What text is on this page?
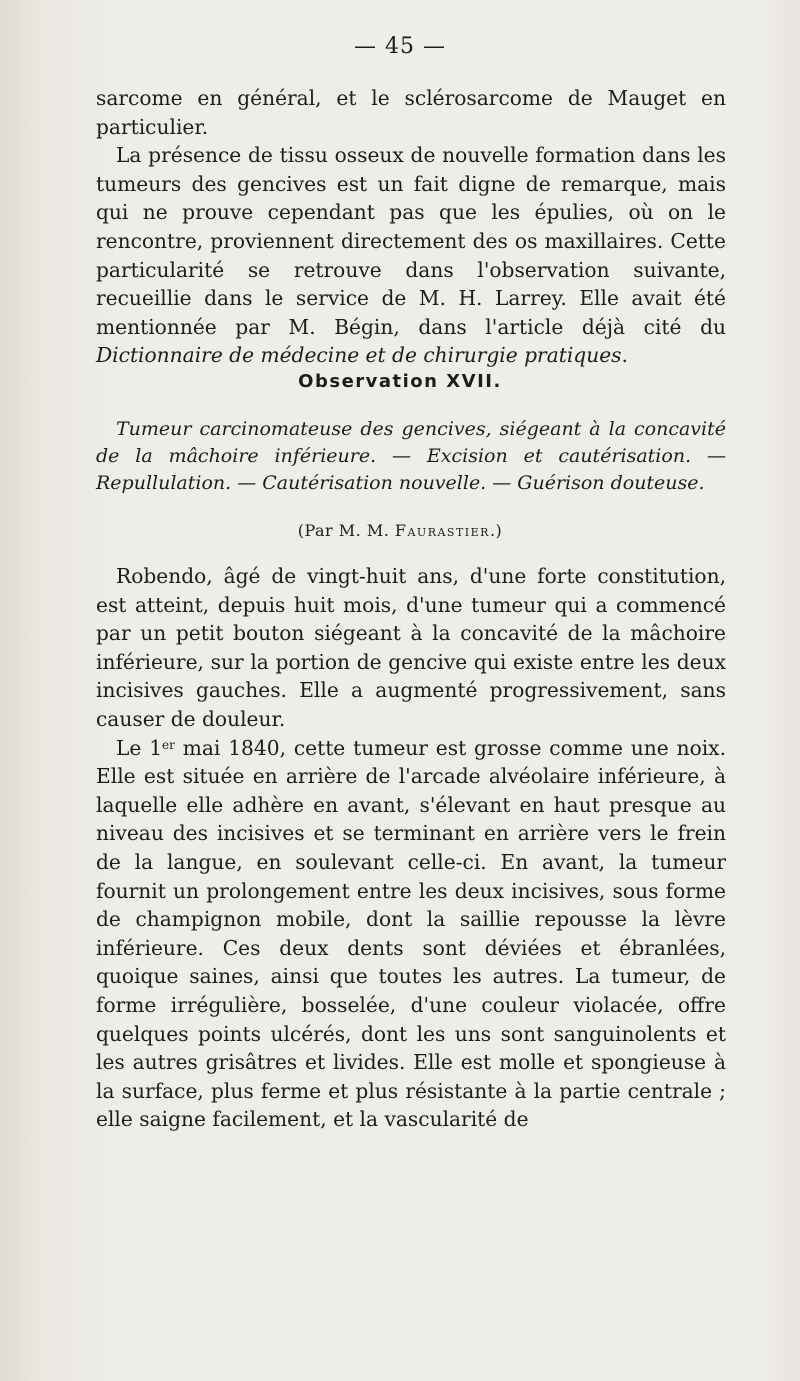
— 45 —

sarcome en général, et le sclérosarcome de Mauget en particulier.

La présence de tissu osseux de nouvelle formation dans les tumeurs des gencives est un fait digne de remarque, mais qui ne prouve cependant pas que les épulies, où on le rencontre, proviennent directement des os maxillaires. Cette particularité se retrouve dans l'observation suivante, recueillie dans le service de M. H. Larrey. Elle avait été mentionnée par M. Bégin, dans l'article déjà cité du Dictionnaire de médecine et de chirurgie pratiques.

Observation XVII.
Tumeur carcinomateuse des gencives, siégeant à la concavité de la mâchoire inférieure. — Excision et cautérisation. — Repullulation. — Cautérisation nouvelle. — Guérison douteuse.
(Par M. M. Faurastier.)

Robendo, âgé de vingt-huit ans, d'une forte constitution, est atteint, depuis huit mois, d'une tumeur qui a commencé par un petit bouton siégeant à la concavité de la mâchoire inférieure, sur la portion de gencive qui existe entre les deux incisives gauches. Elle a augmenté progressivement, sans causer de douleur.

Le 1er mai 1840, cette tumeur est grosse comme une noix. Elle est située en arrière de l'arcade alvéolaire inférieure, à laquelle elle adhère en avant, s'élevant en haut presque au niveau des incisives et se terminant en arrière vers le frein de la langue, en soulevant celle-ci. En avant, la tumeur fournit un prolongement entre les deux incisives, sous forme de champignon mobile, dont la saillie repousse la lèvre inférieure. Ces deux dents sont déviées et ébranlées, quoique saines, ainsi que toutes les autres. La tumeur, de forme irrégulière, bosselée, d'une couleur violacée, offre quelques points ulcérés, dont les uns sont sanguinolents et les autres grisâtres et livides. Elle est molle et spongieuse à la surface, plus ferme et plus résistante à la partie centrale ; elle saigne facilement, et la vascularité de
